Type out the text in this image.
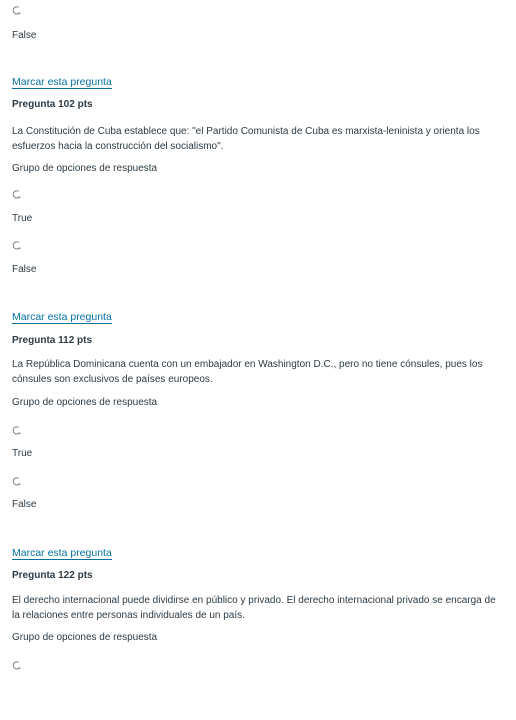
False
Marcar esta pregunta
Pregunta 102 pts
La Constitución de Cuba establece que: "el Partido Comunista de Cuba es marxista-leninista y orienta los esfuerzos hacia la construcción del socialismo".
Grupo de opciones de respuesta
True
False
Marcar esta pregunta
Pregunta 112 pts
La República Dominicana cuenta con un embajador en Washington D.C., pero no tiene cónsules, pues los cónsules son exclusivos de países europeos.
Grupo de opciones de respuesta
True
False
Marcar esta pregunta
Pregunta 122 pts
El derecho internacional puede dividirse en público y privado. El derecho internacional privado se encarga de la relaciones entre personas individuales de un país.
Grupo de opciones de respuesta
